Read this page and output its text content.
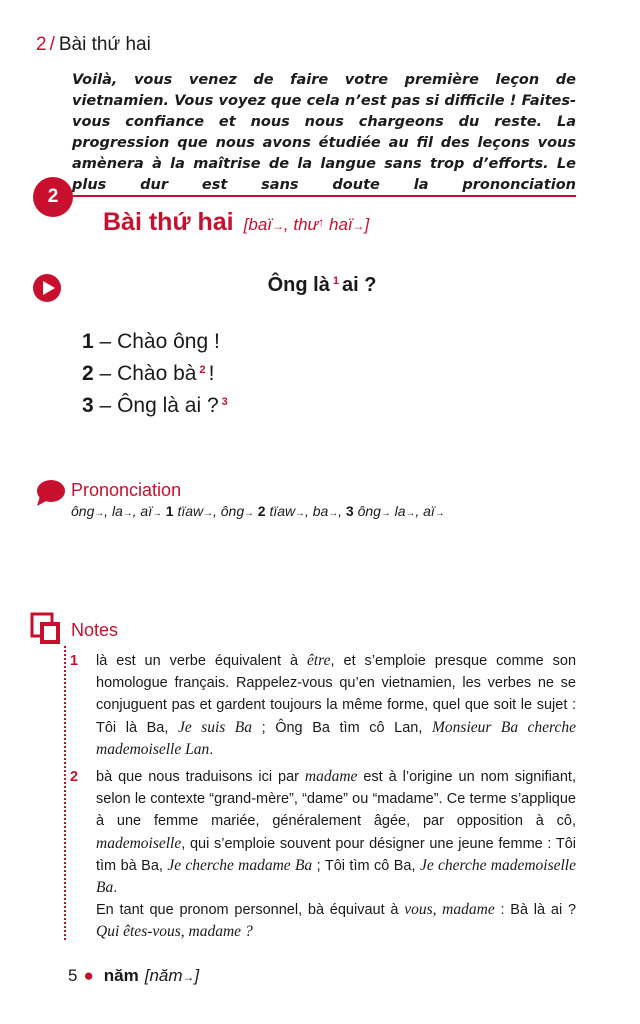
2 / Bài thứ hai
Voilà, vous venez de faire votre première leçon de vietnamien. Vous voyez que cela n’est pas si difficile ! Faites-vous confiance et nous nous chargeons du reste. La progression que nous avons étudiée au fil des leçons vous amènera à la maîtrise de la langue sans trop d’efforts. Le plus dur est sans doute la prononciation
2
Bài thứ hai [baï→, thư↑ haï→]
Ông là $^1$ ai ?
1 – Chào ông !
2 – Chào bà $^2$ !
3 – Ông là ai ? $^3$
Prononciation
ông→, la→, aï→ 1 tïaw→, ông→ 2 tïaw→, ba→, 3 ông→ la→, aï→
Notes
1 là est un verbe équivalent à être, et s’emploie presque comme son homologue français. Rappelez-vous qu’en vietnamien, les verbes ne se conjuguent pas et gardent toujours la même forme, quel que soit le sujet : Tôi là Ba, Je suis Ba ; Ông Ba tìm cô Lan, Monsieur Ba cherche mademoiselle Lan.
2 bà que nous traduisons ici par madame est à l’origine un nom signifiant, selon le contexte “grand-mère”, “dame” ou “madame”. Ce terme s’applique à une femme mariée, généralement âgée, par opposition à cô, mademoiselle, qui s’emploie souvent pour désigner une jeune femme : Tôi tìm bà Ba, Je cherche madame Ba ; Tôi tìm cô Ba, Je cherche mademoiselle Ba.
En tant que pronom personnel, bà équivaut à vous, madame : Bà là ai ? Qui êtes-vous, madame ?
5 ● năm [năm→]
